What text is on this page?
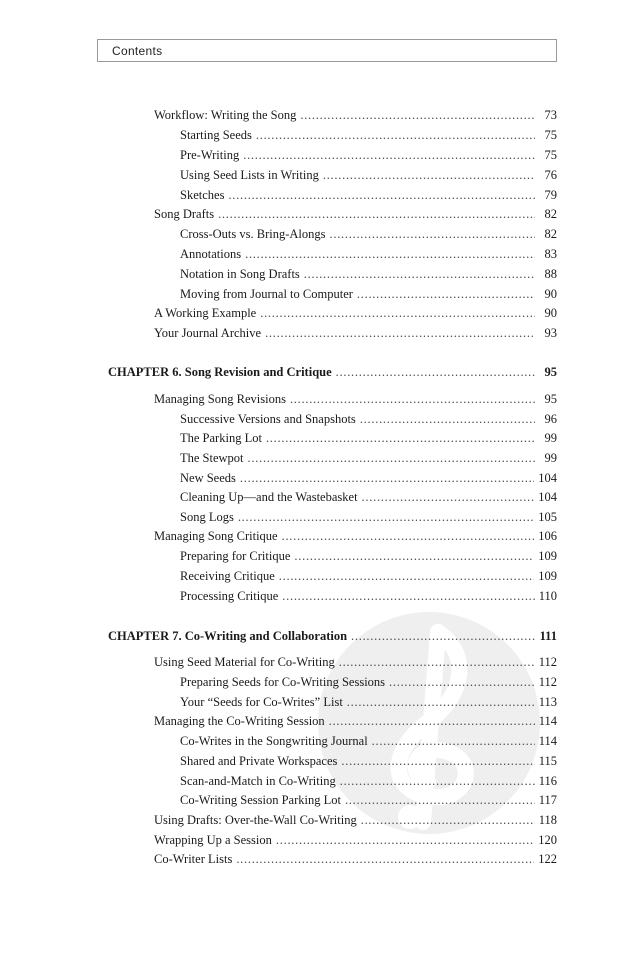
Contents
Workflow: Writing the Song . . .	73
Starting Seeds . . .	75
Pre-Writing . . .	75
Using Seed Lists in Writing . . .	76
Sketches . . .	79
Song Drafts . . .	82
Cross-Outs vs. Bring-Alongs . . .	82
Annotations . . .	83
Notation in Song Drafts . . .	88
Moving from Journal to Computer . . .	90
A Working Example . . .	90
Your Journal Archive . . .	93
CHAPTER 6. Song Revision and Critique . . .	95
Managing Song Revisions . . .	95
Successive Versions and Snapshots . . .	96
The Parking Lot . . .	99
The Stewpot . . .	99
New Seeds . . .	104
Cleaning Up—and the Wastebasket . . .	104
Song Logs . . .	105
Managing Song Critique . . .	106
Preparing for Critique . . .	109
Receiving Critique . . .	109
Processing Critique . . .	110
CHAPTER 7. Co-Writing and Collaboration . . .	111
Using Seed Material for Co-Writing . . .	112
Preparing Seeds for Co-Writing Sessions . . .	112
Your “Seeds for Co-Writes” List . . .	113
Managing the Co-Writing Session . . .	114
Co-Writes in the Songwriting Journal . . .	114
Shared and Private Workspaces . . .	115
Scan-and-Match in Co-Writing . . .	116
Co-Writing Session Parking Lot . . .	117
Using Drafts: Over-the-Wall Co-Writing . . .	118
Wrapping Up a Session . . .	120
Co-Writer Lists . . .	122
